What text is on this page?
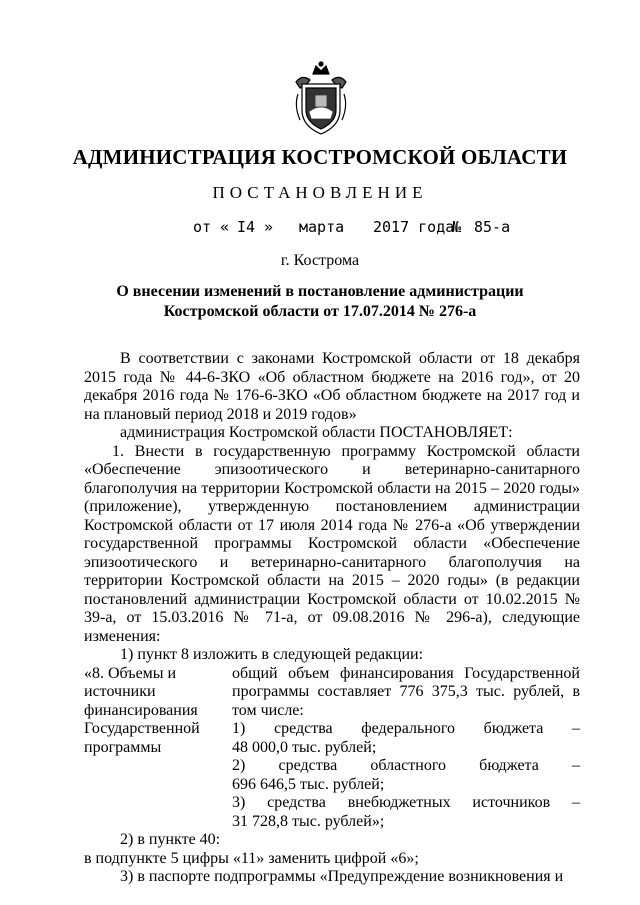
АДМИНИСТРАЦИЯ КОСТРОМСКОЙ ОБЛАСТИ
ПОСТАНОВЛЕНИЕ
от « I4 » марта 2017 года
№ 85-а
г. Кострома
О внесении изменений в постановление администрации Костромской области от 17.07.2014 № 276-а

В соответствии с законами Костромской области от 18 декабря 2015 года № 44-6-ЗКО «Об областном бюджете на 2016 год», от 20 декабря 2016 года № 176-6-ЗКО «Об областном бюджете на 2017 год и на плановый период 2018 и 2019 годов»

администрация Костромской области ПОСТАНОВЛЯЕТ:

1. Внести в государственную программу Костромской области «Обеспечение эпизоотического и ветеринарно-санитарного благополучия на территории Костромской области на 2015 – 2020 годы» (приложение), утвержденную постановлением администрации Костромской области от 17 июля 2014 года № 276-а «Об утверждении государственной программы Костромской области «Обеспечение эпизоотического и ветеринарно-санитарного благополучия на территории Костромской области на 2015 – 2020 годы» (в редакции постановлений администрации Костромской области от 10.02.2015 № 39-а, от 15.03.2016 № 71-а, от 09.08.2016 № 296-а), следующие изменения:

1) пункт 8 изложить в следующей редакции:

«8. Объемы и
источники
финансирования
Государственной
программы
общий объем финансирования Государственной программы составляет 776 375,3 тыс. рублей, в том числе:
1) средства федерального бюджета –
48 000,0 тыс. рублей;
2) средства областного бюджета –
696 646,5 тыс. рублей;
3) средства внебюджетных источников –
31 728,8 тыс. рублей»;

2) в пункте 40:

в подпункте 5 цифры «11» заменить цифрой «6»;

3) в паспорте подпрограммы «Предупреждение возникновения и
